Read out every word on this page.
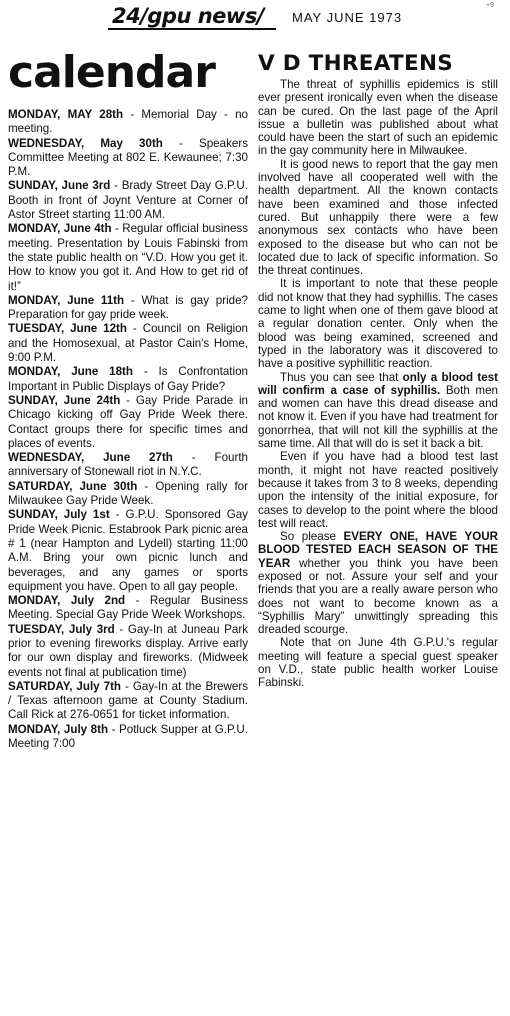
24/gpu news/ MAY JUNE 1973
+9
calendar

MONDAY, MAY 28th - Memorial Day - no meeting.

WEDNESDAY, May 30th - Speakers Committee Meeting at 802 E. Kewaunee; 7:30 P.M.

SUNDAY, June 3rd - Brady Street Day G.P.U. Booth in front of Joynt Venture at Corner of Astor Street starting 11:00 AM.

MONDAY, June 4th - Regular official business meeting. Presentation by Louis Fabinski from the state public health on “V.D. How you get it. How to know you got it. And How to get rid of it!”

MONDAY, June 11th - What is gay pride? Preparation for gay pride week.

TUESDAY, June 12th - Council on Religion and the Homosexual, at Pastor Cain's Home, 9:00 P.M.

MONDAY, June 18th - Is Confrontation Important in Public Displays of Gay Pride?

SUNDAY, June 24th - Gay Pride Parade in Chicago kicking off Gay Pride Week there. Contact groups there for specific times and places of events.

WEDNESDAY, June 27th - Fourth anniversary of Stonewall riot in N.Y.C.

SATURDAY, June 30th - Opening rally for Milwaukee Gay Pride Week.

SUNDAY, July 1st - G.P.U. Sponsored Gay Pride Week Picnic. Estabrook Park picnic area # 1 (near Hampton and Lydell) starting 11:00 A.M. Bring your own picnic lunch and beverages, and any games or sports equipment you have. Open to all gay people.

MONDAY, July 2nd - Regular Business Meeting. Special Gay Pride Week Workshops.

TUESDAY, July 3rd - Gay-In at Juneau Park prior to evening fireworks display. Arrive early for our own display and fireworks. (Midweek events not final at publication time)

SATURDAY, July 7th - Gay-In at the Brewers / Texas afternoon game at County Stadium. Call Rick at 276-0651 for ticket information.

MONDAY, July 8th - Potluck Supper at G.P.U. Meeting 7:00

V D THREATENS

The threat of syphillis epidemics is still ever present ironically even when the disease can be cured. On the last page of the April issue a bulletin was published about what could have been the start of such an epidemic in the gay community here in Milwaukee.

It is good news to report that the gay men involved have all cooperated well with the health department. All the known contacts have been examined and those infected cured. But unhappily there were a few anonymous sex contacts who have been exposed to the disease but who can not be located due to lack of specific information. So the threat continues.

It is important to note that these people did not know that they had syphillis. The cases came to light when one of them gave blood at a regular donation center. Only when the blood was being examined, screened and typed in the laboratory was it discovered to have a positive syphillitic reaction.

Thus you can see that only a blood test will confirm a case of syphillis. Both men and women can have this dread disease and not know it. Even if you have had treatment for gonorrhea, that will not kill the syphillis at the same time. All that will do is set it back a bit.

Even if you have had a blood test last month, it might not have reacted positively because it takes from 3 to 8 weeks, depending upon the intensity of the initial exposure, for cases to develop to the point where the blood test will react.

So please EVERY ONE, HAVE YOUR BLOOD TESTED EACH SEASON OF THE YEAR whether you think you have been exposed or not. Assure your self and your friends that you are a really aware person who does not want to become known as a “Syphillis Mary” unwittingly spreading this dreaded scourge.

Note that on June 4th G.P.U.'s regular meeting will feature a special guest speaker on V.D., state public health worker Louise Fabinski.
